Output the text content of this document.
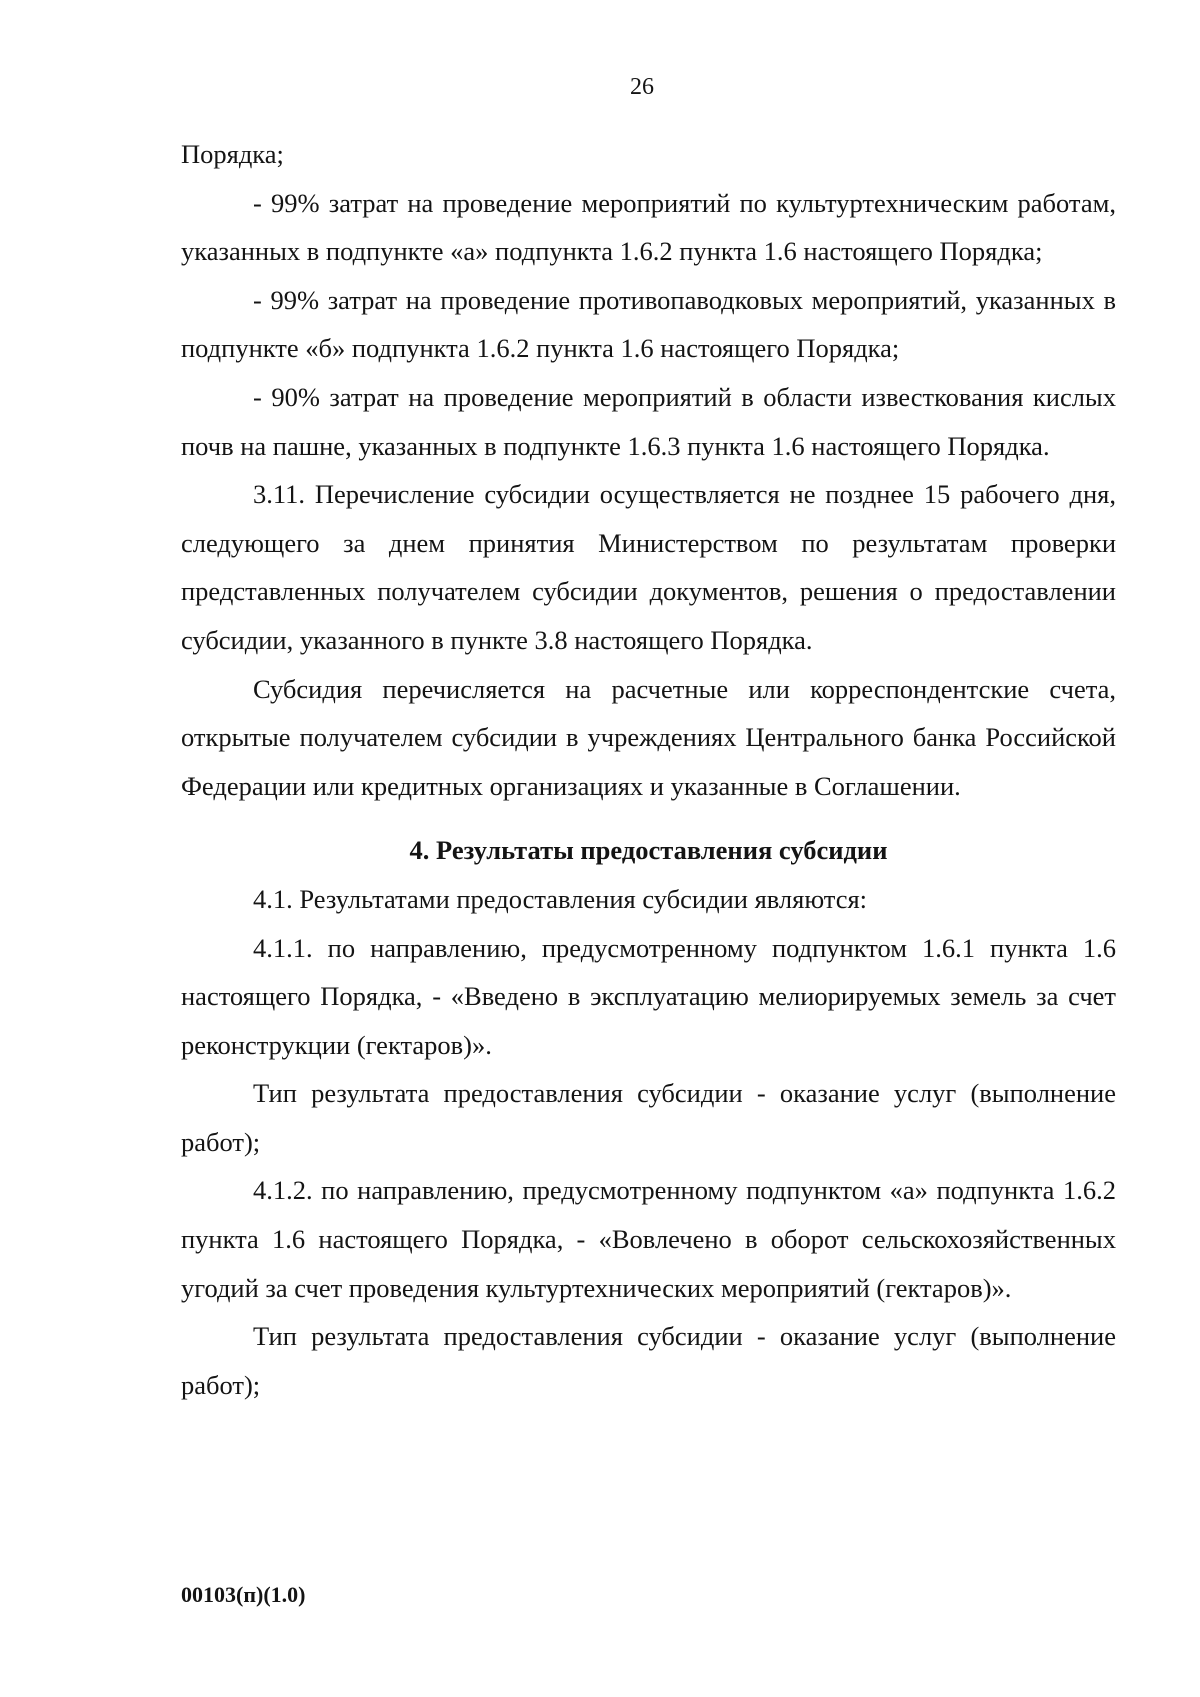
26

Порядка;

- 99% затрат на проведение мероприятий по культуртехническим работам, указанных в подпункте «а» подпункта 1.6.2 пункта 1.6 настоящего Порядка;

- 99% затрат на проведение противопаводковых мероприятий, указанных в подпункте «б» подпункта 1.6.2 пункта 1.6 настоящего Порядка;

- 90% затрат на проведение мероприятий в области известкования кислых почв на пашне, указанных в подпункте 1.6.3 пункта 1.6 настоящего Порядка.

3.11. Перечисление субсидии осуществляется не позднее 15 рабочего дня, следующего за днем принятия Министерством по результатам проверки представленных получателем субсидии документов, решения о предоставлении субсидии, указанного в пункте 3.8 настоящего Порядка.

Субсидия перечисляется на расчетные или корреспондентские счета, открытые получателем субсидии в учреждениях Центрального банка Российской Федерации или кредитных организациях и указанные в Соглашении.

4. Результаты предоставления субсидии

4.1. Результатами предоставления субсидии являются:

4.1.1. по направлению, предусмотренному подпунктом 1.6.1 пункта 1.6 настоящего Порядка, - «Введено в эксплуатацию мелиорируемых земель за счет реконструкции (гектаров)».

Тип результата предоставления субсидии - оказание услуг (выполнение работ);

4.1.2. по направлению, предусмотренному подпунктом «а» подпункта 1.6.2 пункта 1.6 настоящего Порядка, - «Вовлечено в оборот сельскохозяйственных угодий за счет проведения культуртехнических мероприятий (гектаров)».

Тип результата предоставления субсидии - оказание услуг (выполнение работ);

00103(п)(1.0)
